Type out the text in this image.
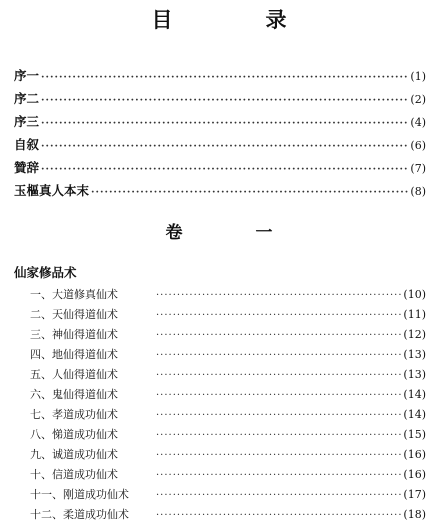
目　录
序一 ·····	(1)
序二 ·····	(2)
序三 ·····	(4)
自叙 ·····	(6)
贊辞 ·····	(7)
玉樞真人本末 ·····	(8)
卷　一
仙家修品术
一、大道修真仙术 ·····	(10)
二、天仙得道仙术 ·····	(11)
三、神仙得道仙术 ·····	(12)
四、地仙得道仙术 ·····	(13)
五、人仙得道仙术 ·····	(13)
六、鬼仙得道仙术 ·····	(14)
七、孝道成功仙术 ·····	(14)
八、悌道成功仙术 ·····	(15)
九、诚道成功仙术 ·····	(16)
十、信道成功仙术 ·····	(16)
十一、刚道成功仙术 ·····	(17)
十二、柔道成功仙术 ·····	(18)
